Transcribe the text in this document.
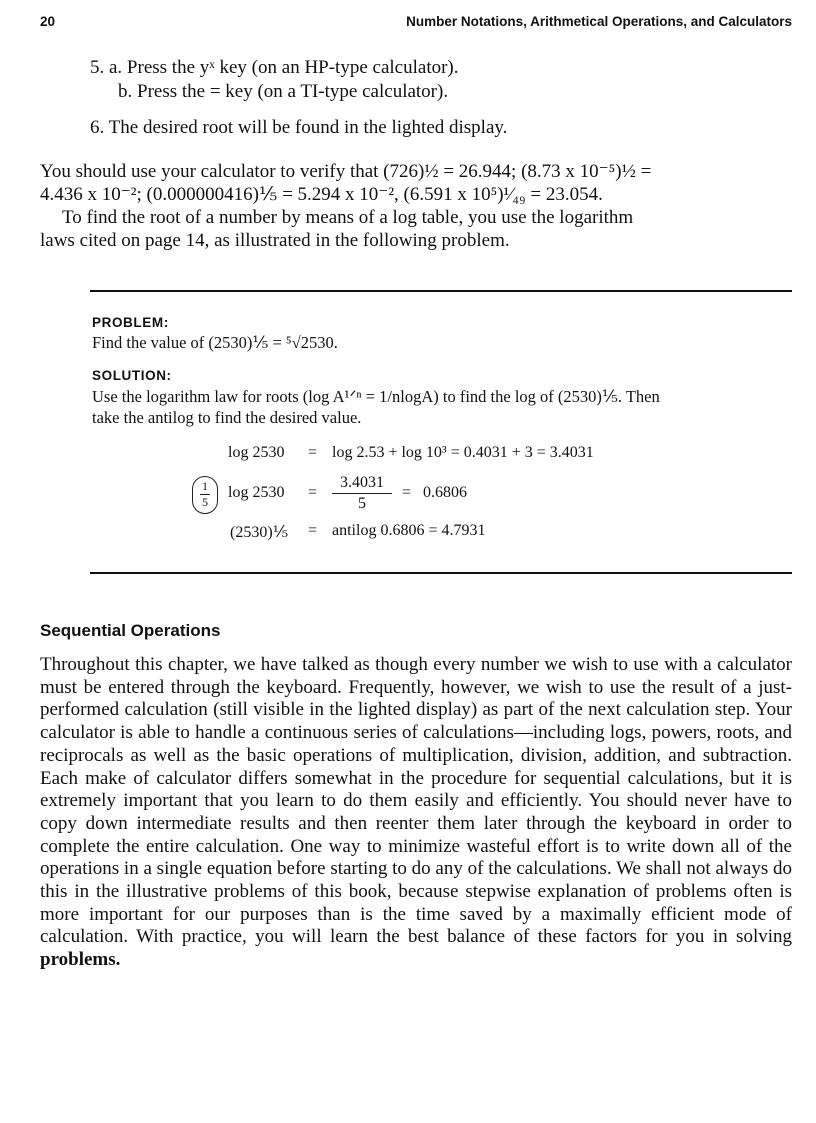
20	Number Notations, Arithmetical Operations, and Calculators
5. a. Press the yˣ key (on an HP-type calculator).
b. Press the = key (on a TI-type calculator).
6. The desired root will be found in the lighted display.
You should use your calculator to verify that (726)½ = 26.944; (8.73 x 10⁻⁵)½ =
4.436 x 10⁻²; (0.000000416)⅕ = 5.294 x 10⁻², (6.591 x 10⁵)¹⁄₄₉ = 23.054.
To find the root of a number by means of a log table, you use the logarithm
laws cited on page 14, as illustrated in the following problem.
PROBLEM:
Find the value of (2530)⅕ = ⁵√2530.
SOLUTION:
Use the logarithm law for roots (log A¹ᐟⁿ = 1/nlogA) to find the log of (2530)⅕. Then
take the antilog to find the desired value.
log 2530 = log 2.53 + log 10³ = 0.4031 + 3 = 3.4031
1
5
$\log 2530 = \frac{3.4031}{5} = 0.6806$
(2530)⅕ = antilog 0.6806 = 4.7931
Sequential Operations
Throughout this chapter, we have talked as though every number we wish to use with a calculator must be entered through the keyboard. Frequently, however, we wish to use the result of a just-performed calculation (still visible in the lighted display) as part of the next calculation step. Your calculator is able to handle a continuous series of calculations—including logs, powers, roots, and reciprocals as well as the basic operations of multiplication, division, addition, and subtraction. Each make of calculator differs somewhat in the procedure for sequential calculations, but it is extremely important that you learn to do them easily and efficiently. You should never have to copy down intermediate results and then reenter them later through the keyboard in order to complete the entire calculation. One way to minimize wasteful effort is to write down all of the operations in a single equation before starting to do any of the calculations. We shall not always do this in the illustrative problems of this book, because stepwise explanation of problems often is more important for our purposes than is the time saved by a maximally efficient mode of calculation. With practice, you will learn the best balance of these factors for you in solving problems.
